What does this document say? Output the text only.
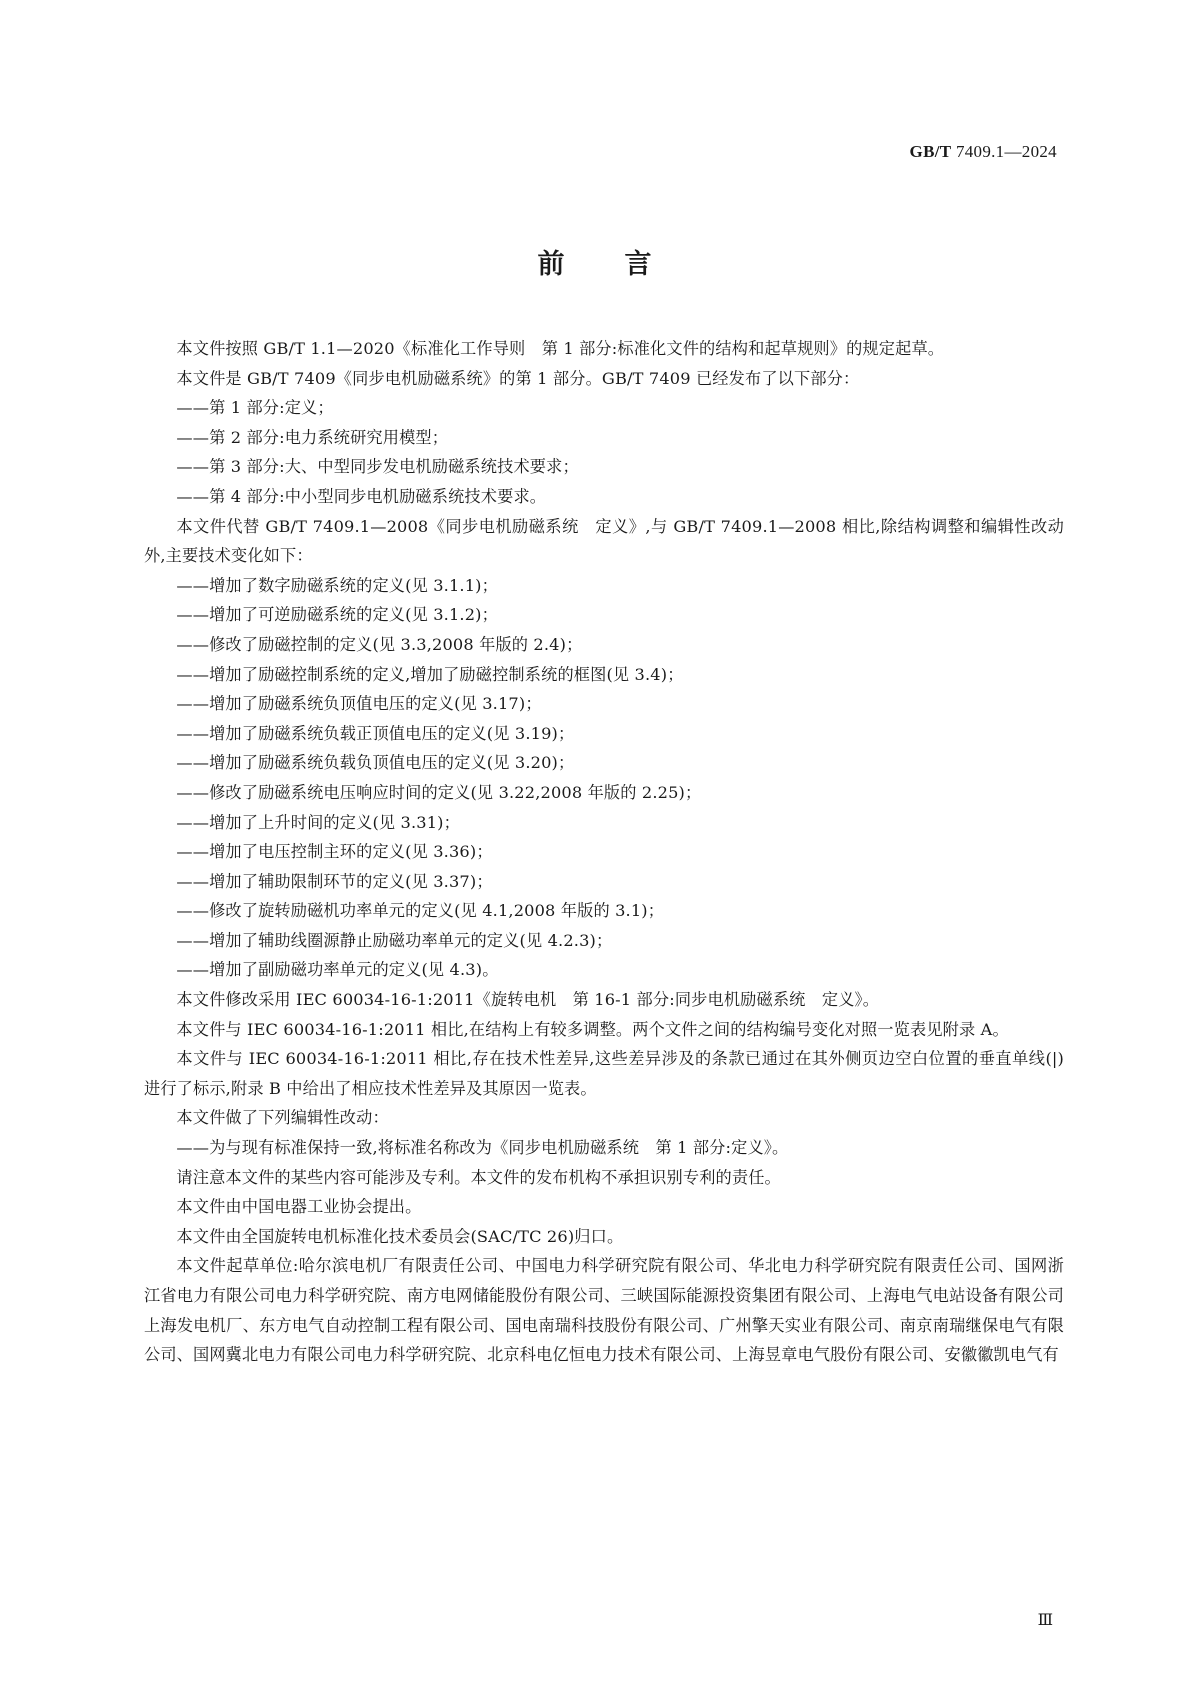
GB/T 7409.1—2024
前 言

本文件按照 GB/T 1.1—2020《标准化工作导则　第 1 部分:标准化文件的结构和起草规则》的规定起草。

本文件是 GB/T 7409《同步电机励磁系统》的第 1 部分。GB/T 7409 已经发布了以下部分：

——第 1 部分:定义；

——第 2 部分:电力系统研究用模型；

——第 3 部分:大、中型同步发电机励磁系统技术要求；

——第 4 部分:中小型同步电机励磁系统技术要求。

本文件代替 GB/T 7409.1—2008《同步电机励磁系统　定义》,与 GB/T 7409.1—2008 相比,除结构调整和编辑性改动外,主要技术变化如下：

——增加了数字励磁系统的定义(见 3.1.1)；

——增加了可逆励磁系统的定义(见 3.1.2)；

——修改了励磁控制的定义(见 3.3,2008 年版的 2.4)；

——增加了励磁控制系统的定义,增加了励磁控制系统的框图(见 3.4)；

——增加了励磁系统负顶值电压的定义(见 3.17)；

——增加了励磁系统负载正顶值电压的定义(见 3.19)；

——增加了励磁系统负载负顶值电压的定义(见 3.20)；

——修改了励磁系统电压响应时间的定义(见 3.22,2008 年版的 2.25)；

——增加了上升时间的定义(见 3.31)；

——增加了电压控制主环的定义(见 3.36)；

——增加了辅助限制环节的定义(见 3.37)；

——修改了旋转励磁机功率单元的定义(见 4.1,2008 年版的 3.1)；

——增加了辅助线圈源静止励磁功率单元的定义(见 4.2.3)；

——增加了副励磁功率单元的定义(见 4.3)。

本文件修改采用 IEC 60034-16-1:2011《旋转电机　第 16-1 部分:同步电机励磁系统　定义》。

本文件与 IEC 60034-16-1:2011 相比,在结构上有较多调整。两个文件之间的结构编号变化对照一览表见附录 A。

本文件与 IEC 60034-16-1:2011 相比,存在技术性差异,这些差异涉及的条款已通过在其外侧页边空白位置的垂直单线(|)进行了标示,附录 B 中给出了相应技术性差异及其原因一览表。

本文件做了下列编辑性改动：

——为与现有标准保持一致,将标准名称改为《同步电机励磁系统　第 1 部分:定义》。

请注意本文件的某些内容可能涉及专利。本文件的发布机构不承担识别专利的责任。

本文件由中国电器工业协会提出。

本文件由全国旋转电机标准化技术委员会(SAC/TC 26)归口。

本文件起草单位:哈尔滨电机厂有限责任公司、中国电力科学研究院有限公司、华北电力科学研究院有限责任公司、国网浙江省电力有限公司电力科学研究院、南方电网储能股份有限公司、三峡国际能源投资集团有限公司、上海电气电站设备有限公司上海发电机厂、东方电气自动控制工程有限公司、国电南瑞科技股份有限公司、广州擎天实业有限公司、南京南瑞继保电气有限公司、国网冀北电力有限公司电力科学研究院、北京科电亿恒电力技术有限公司、上海昱章电气股份有限公司、安徽徽凯电气有

Ⅲ
